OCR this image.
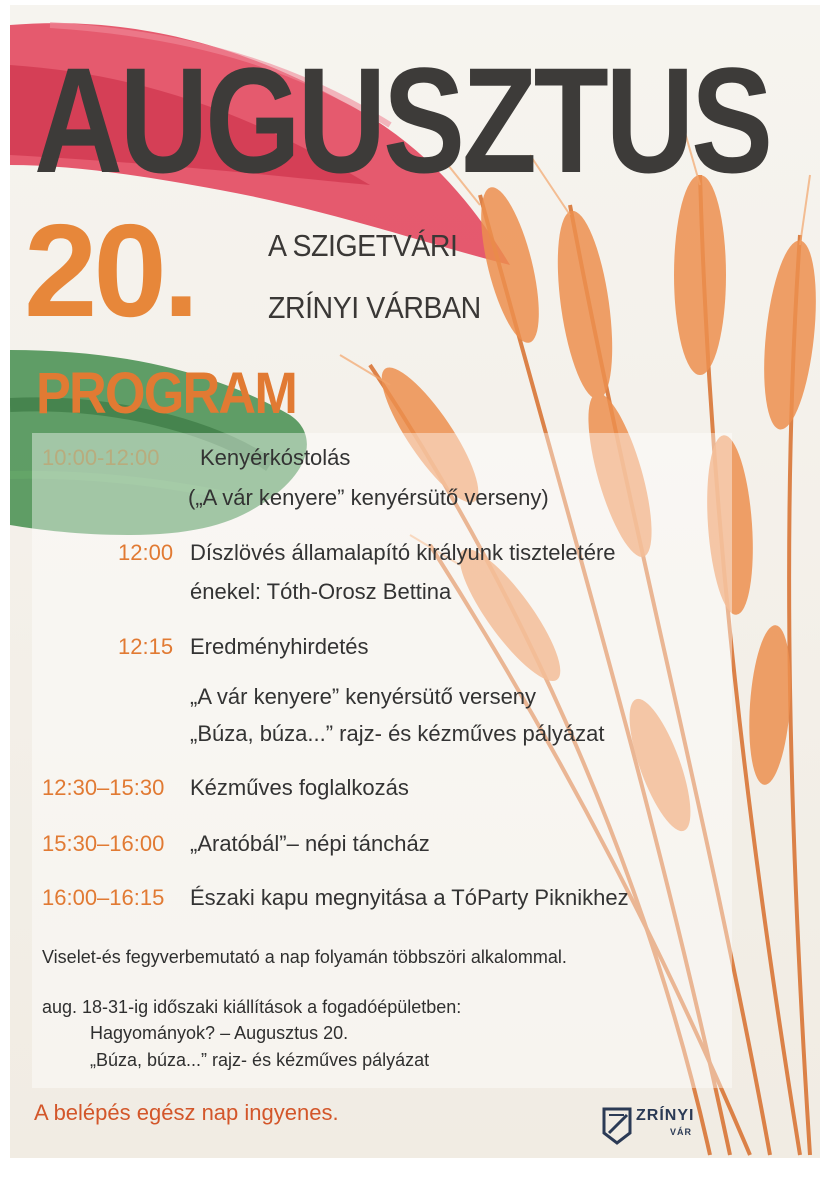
AUGUSZTUS
20. A SZIGETVÁRI
ZRÍNYI VÁRBAN
PROGRAM
10:00-12:00 Kenyérkóstolás
(„A vár kenyere” kenyérsütő verseny)
12:00 Díszlövés államalapító királyunk tiszteletére
énekel: Tóth-Orosz Bettina
12:15 Eredményhirdetés
„A vár kenyere” kenyérsütő verseny
„Búza, búza...” rajz- és kézműves pályázat
12:30–15:30 Kézműves foglalkozás
15:30–16:00 „Aratóbál”– népi táncház
16:00–16:15 Északi kapu megnyitása a TóParty Piknikhez
Viselet-és fegyverbemutató a nap folyamán többszöri alkalommal.
aug. 18-31-ig időszaki kiállítások a fogadóépületben:
Hagyományok? – Augusztus 20.
„Búza, búza...” rajz- és kézműves pályázat
A belépés egész nap ingyenes.	ZRÍNYI
VÁR
